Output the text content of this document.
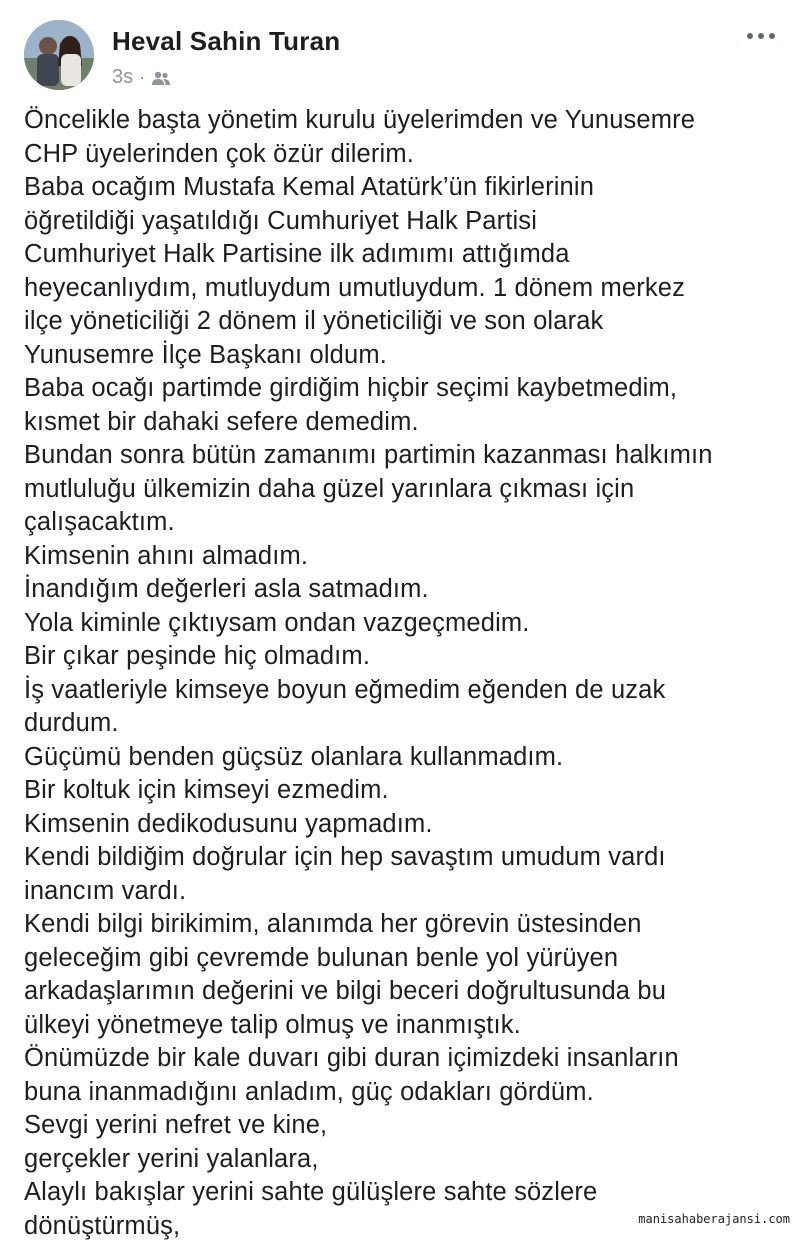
Heval Sahin Turan
3s ·
Öncelikle başta yönetim kurulu üyelerimden ve Yunusemre
CHP üyelerinden çok özür dilerim.
Baba ocağım Mustafa Kemal Atatürk’ün fikirlerinin
öğretildiği yaşatıldığı Cumhuriyet Halk Partisi
Cumhuriyet Halk Partisine ilk adımımı attığımda
heyecanlıydım, mutluydum umutluydum. 1 dönem merkez
ilçe yöneticiliği 2 dönem il yöneticiliği ve son olarak
Yunusemre İlçe Başkanı oldum.
Baba ocağı partimde girdiğim hiçbir seçimi kaybetmedim,
kısmet bir dahaki sefere demedim.
Bundan sonra bütün zamanımı partimin kazanması halkımın
mutluluğu ülkemizin daha güzel yarınlara çıkması için
çalışacaktım.
Kimsenin ahını almadım.
İnandığım değerleri asla satmadım.
Yola kiminle çıktıysam ondan vazgeçmedim.
Bir çıkar peşinde hiç olmadım.
İş vaatleriyle kimseye boyun eğmedim eğenden de uzak
durdum.
Güçümü benden güçsüz olanlara kullanmadım.
Bir koltuk için kimseyi ezmedim.
Kimsenin dedikodusunu yapmadım.
Kendi bildiğim doğrular için hep savaştım umudum vardı
inancım vardı.
Kendi bilgi birikimim, alanımda her görevin üstesinden
geleceğim gibi çevremde bulunan benle yol yürüyen
arkadaşlarımın değerini ve bilgi beceri doğrultusunda bu
ülkeyi yönetmeye talip olmuş ve inanmıştık.
Önümüzde bir kale duvarı gibi duran içimizdeki insanların
buna inanmadığını anladım, güç odakları gördüm.
Sevgi yerini nefret ve kine,
gerçekler yerini yalanlara,
Alaylı bakışlar yerini sahte gülüşlere sahte sözlere
dönüştürmüş,	manisahaberajansi.com
